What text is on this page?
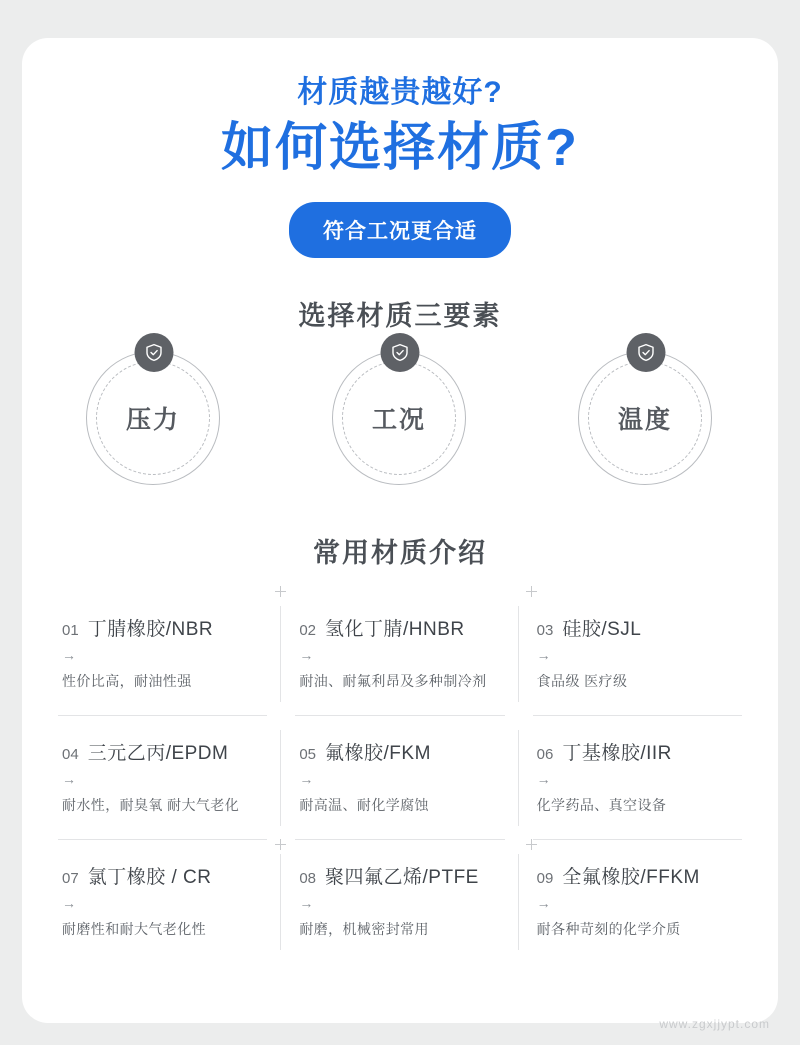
材质越贵越好?
如何选择材质?
符合工况更合适
选择材质三要素
压力	工况	温度
常用材质介绍
01 丁腈橡胶/NBR
→
性价比高，耐油性强
02 氢化丁腈/HNBR
→
耐油、耐氟利昂及多种制冷剂
03 硅胶/SJL
→
食品级 医疗级
04 三元乙丙/EPDM
→
耐水性，耐臭氧 耐大气老化
05 氟橡胶/FKM
→
耐高温、耐化学腐蚀
06 丁基橡胶/IIR
→
化学药品、真空设备
07 氯丁橡胶 / CR
→
耐磨性和耐大气老化性
08 聚四氟乙烯/PTFE
→
耐磨，机械密封常用
09 全氟橡胶/FFKM
→
耐各种苛刻的化学介质
www.zgxjjypt.com
